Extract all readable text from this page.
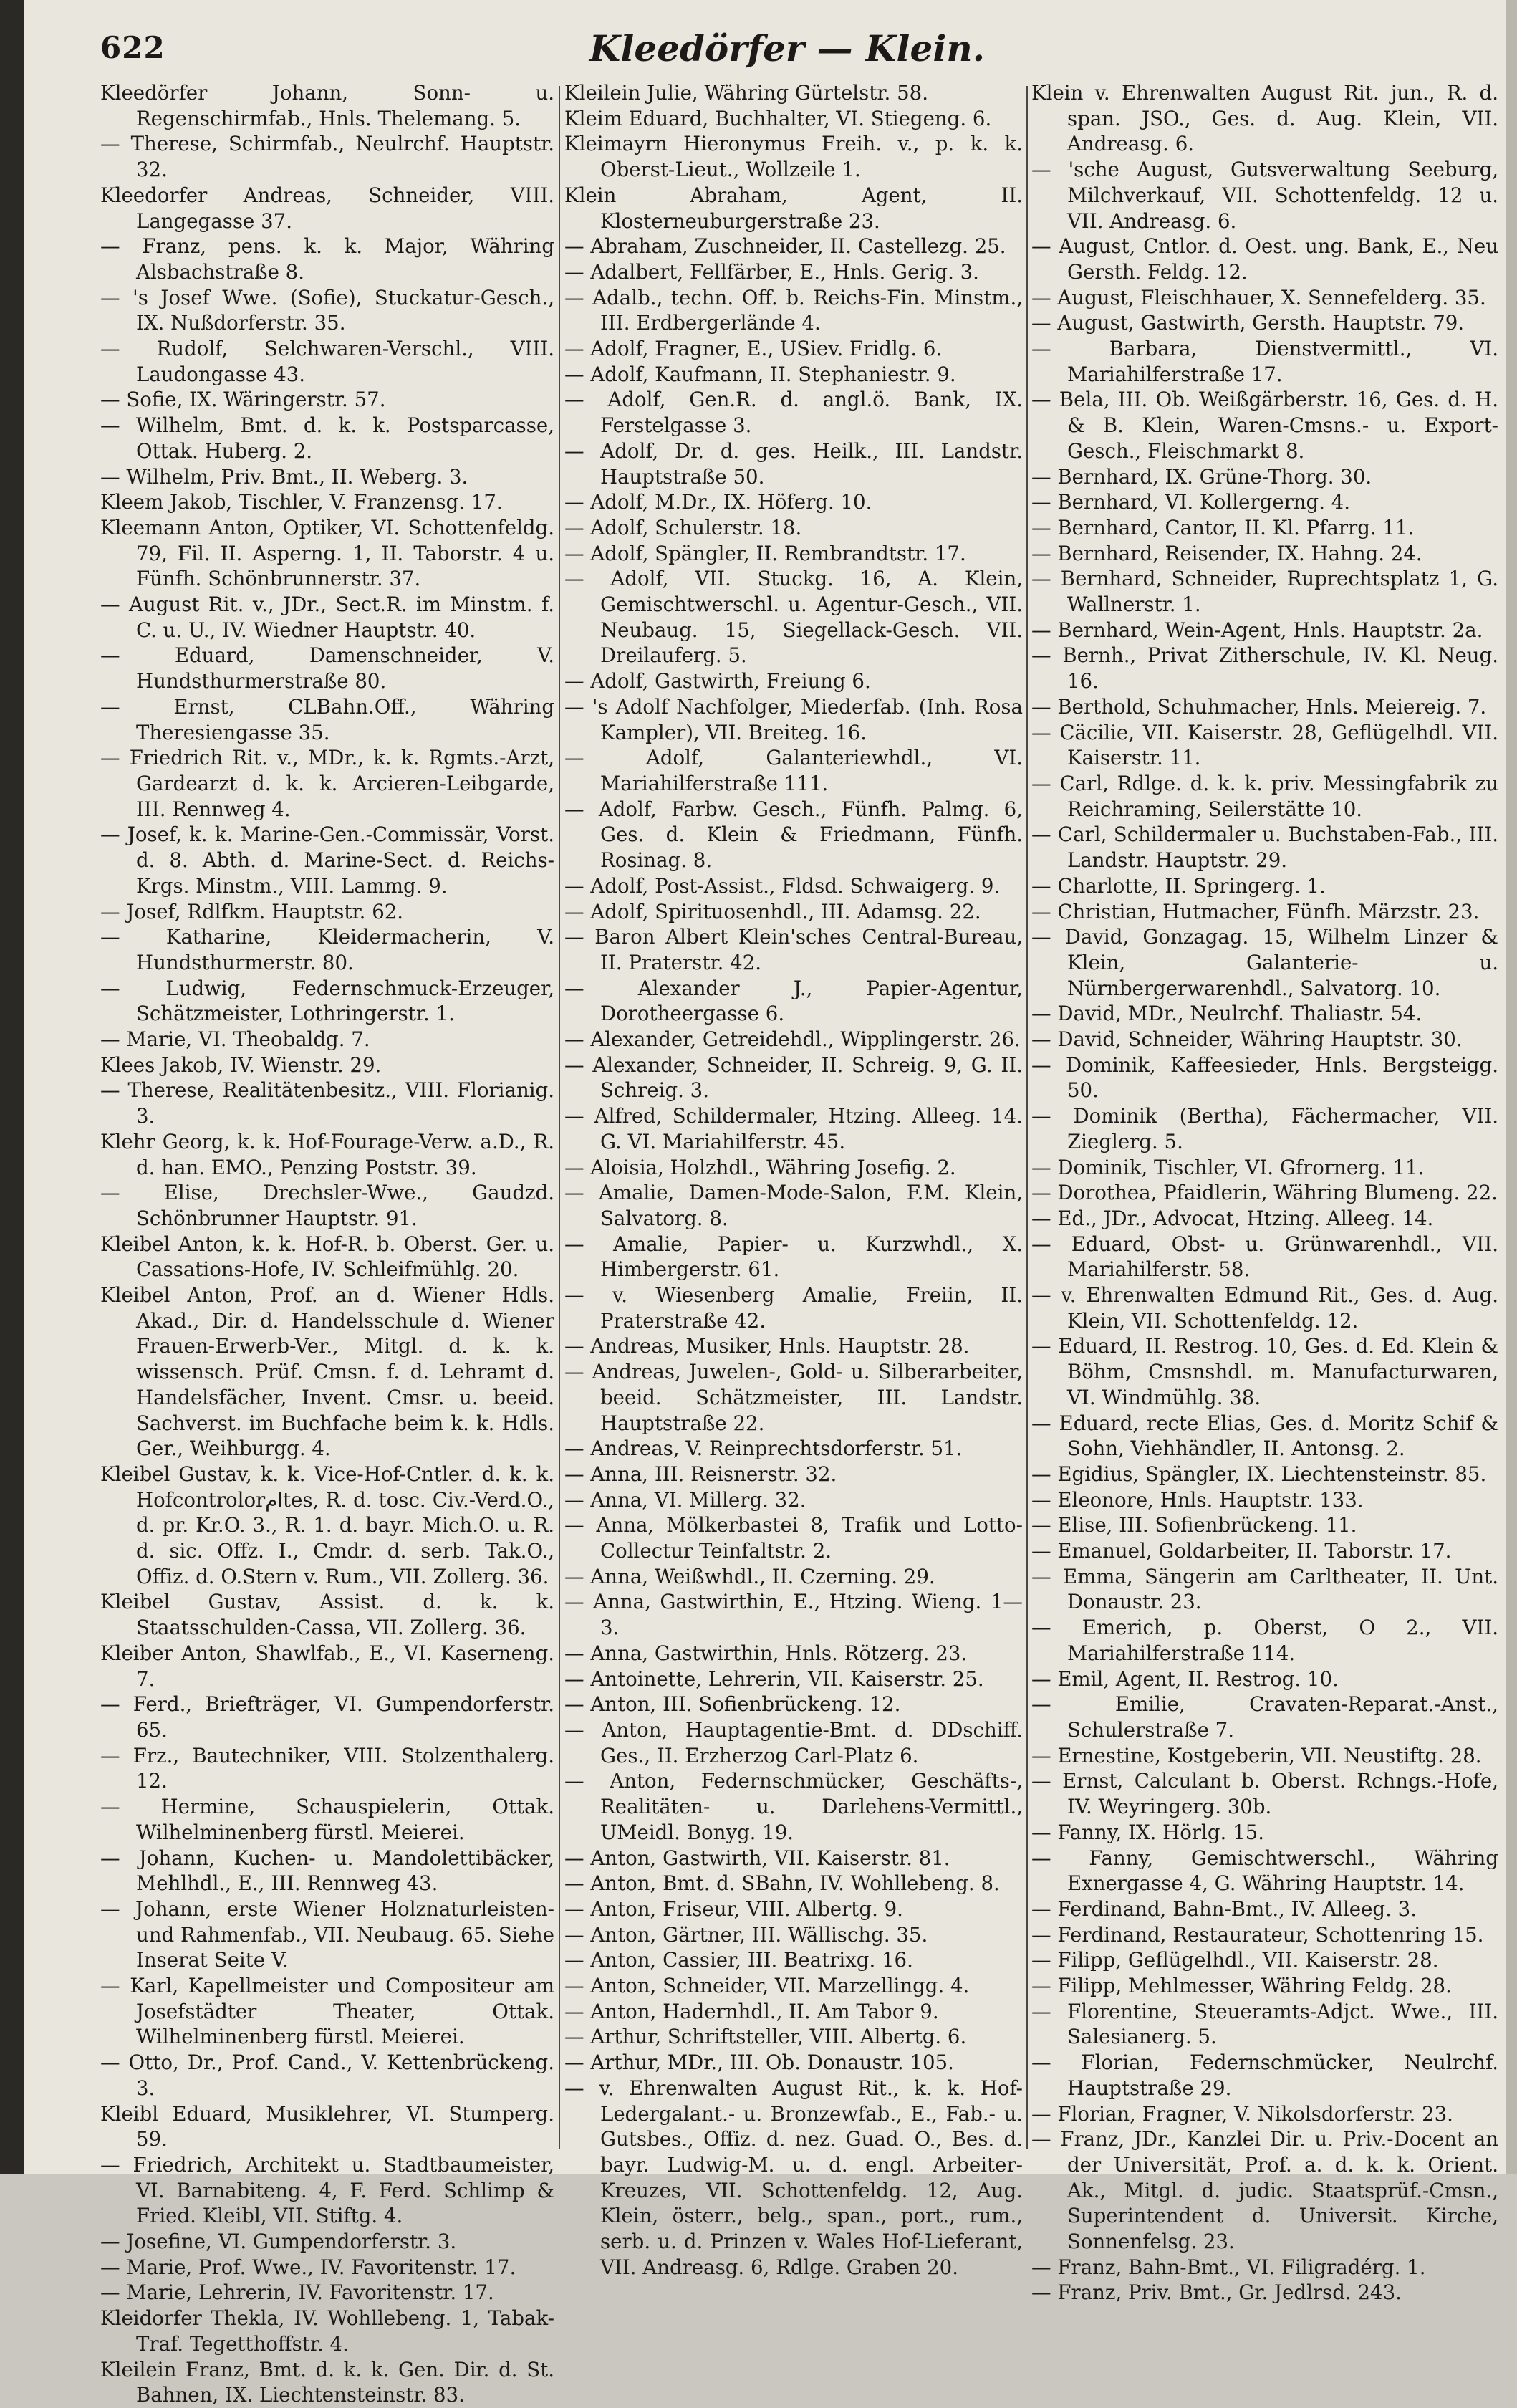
622	Kleedörfer — Klein.

Kleedörfer Johann, Sonn- u. Regenschirmfab., Hnls. Thelemang. 5.

— Therese, Schirmfab., Neulrchf. Hauptstr. 32.

Kleedorfer Andreas, Schneider, VIII. Langegasse 37.

— Franz, pens. k. k. Major, Währing Alsbachstraße 8.

— 's Josef Wwe. (Sofie), Stuckatur-Gesch., IX. Nußdorferstr. 35.

— Rudolf, Selchwaren-Verschl., VIII. Laudongasse 43.

— Sofie, IX. Wäringerstr. 57.

— Wilhelm, Bmt. d. k. k. Postsparcasse, Ottak. Huberg. 2.

— Wilhelm, Priv. Bmt., II. Weberg. 3.

Kleem Jakob, Tischler, V. Franzensg. 17.

Kleemann Anton, Optiker, VI. Schottenfeldg. 79, Fil. II. Asperng. 1, II. Taborstr. 4 u. Fünfh. Schönbrunnerstr. 37.

— August Rit. v., JDr., Sect.R. im Minstm. f. C. u. U., IV. Wiedner Hauptstr. 40.

— Eduard, Damenschneider, V. Hundsthurmerstraße 80.

— Ernst, CLBahn.Off., Währing Theresiengasse 35.

— Friedrich Rit. v., MDr., k. k. Rgmts.-Arzt, Gardearzt d. k. k. Arcieren-Leibgarde, III. Rennweg 4.

— Josef, k. k. Marine-Gen.-Commissär, Vorst. d. 8. Abth. d. Marine-Sect. d. Reichs-Krgs. Minstm., VIII. Lammg. 9.

— Josef, Rdlfkm. Hauptstr. 62.

— Katharine, Kleidermacherin, V. Hundsthurmerstr. 80.

— Ludwig, Federnschmuck-Erzeuger, Schätzmeister, Lothringerstr. 1.

— Marie, VI. Theobaldg. 7.

Klees Jakob, IV. Wienstr. 29.

— Therese, Realitätenbesitz., VIII. Florianig. 3.

Klehr Georg, k. k. Hof-Fourage-Verw. a.D., R. d. han. EMO., Penzing Poststr. 39.

— Elise, Drechsler-Wwe., Gaudzd. Schönbrunner Hauptstr. 91.

Kleibel Anton, k. k. Hof-R. b. Oberst. Ger. u. Cassations-Hofe, IV. Schleifmühlg. 20.

Kleibel Anton, Prof. an d. Wiener Hdls. Akad., Dir. d. Handelsschule d. Wiener Frauen-Erwerb-Ver., Mitgl. d. k. k. wissensch. Prüf. Cmsn. f. d. Lehramt d. Handelsfächer, Invent. Cmsr. u. beeid. Sachverst. im Buchfache beim k. k. Hdls. Ger., Weihburgg. 4.

Kleibel Gustav, k. k. Vice-Hof-Cntler. d. k. k. Hofcontrolorامtes, R. d. tosc. Civ.-Verd.O., d. pr. Kr.O. 3., R. 1. d. bayr. Mich.O. u. R. d. sic. Offz. I., Cmdr. d. serb. Tak.O., Offiz. d. O.Stern v. Rum., VII. Zollerg. 36.

Kleibel Gustav, Assist. d. k. k. Staatsschulden-Cassa, VII. Zollerg. 36.

Kleiber Anton, Shawlfab., E., VI. Kaserneng. 7.

— Ferd., Briefträger, VI. Gumpendorferstr. 65.

— Frz., Bautechniker, VIII. Stolzenthalerg. 12.

— Hermine, Schauspielerin, Ottak. Wilhelminenberg fürstl. Meierei.

— Johann, Kuchen- u. Mandolettibäcker, Mehlhdl., E., III. Rennweg 43.

— Johann, erste Wiener Holznaturleisten- und Rahmenfab., VII. Neubaug. 65. Siehe Inserat Seite V.

— Karl, Kapellmeister und Compositeur am Josefstädter Theater, Ottak. Wilhelminenberg fürstl. Meierei.

— Otto, Dr., Prof. Cand., V. Kettenbrückeng. 3.

Kleibl Eduard, Musiklehrer, VI. Stumperg. 59.

— Friedrich, Architekt u. Stadtbaumeister, VI. Barnabiteng. 4, F. Ferd. Schlimp & Fried. Kleibl, VII. Stiftg. 4.

— Josefine, VI. Gumpendorferstr. 3.

— Marie, Prof. Wwe., IV. Favoritenstr. 17.

— Marie, Lehrerin, IV. Favoritenstr. 17.

Kleidorfer Thekla, IV. Wohllebeng. 1, Tabak-Traf. Tegetthoffstr. 4.

Kleilein Franz, Bmt. d. k. k. Gen. Dir. d. St. Bahnen, IX. Liechtensteinstr. 83.

Kleilein Julie, Währing Gürtelstr. 58.

Kleim Eduard, Buchhalter, VI. Stiegeng. 6.

Kleimayrn Hieronymus Freih. v., p. k. k. Oberst-Lieut., Wollzeile 1.

Klein Abraham, Agent, II. Klosterneuburgerstraße 23.

— Abraham, Zuschneider, II. Castellezg. 25.

— Adalbert, Fellfärber, E., Hnls. Gerig. 3.

— Adalb., techn. Off. b. Reichs-Fin. Minstm., III. Erdbergerlände 4.

— Adolf, Fragner, E., USiev. Fridlg. 6.

— Adolf, Kaufmann, II. Stephaniestr. 9.

— Adolf, Gen.R. d. angl.ö. Bank, IX. Ferstelgasse 3.

— Adolf, Dr. d. ges. Heilk., III. Landstr. Hauptstraße 50.

— Adolf, M.Dr., IX. Höferg. 10.

— Adolf, Schulerstr. 18.

— Adolf, Spängler, II. Rembrandtstr. 17.

— Adolf, VII. Stuckg. 16, A. Klein, Gemischtwerschl. u. Agentur-Gesch., VII. Neubaug. 15, Siegellack-Gesch. VII. Dreilauferg. 5.

— Adolf, Gastwirth, Freiung 6.

— 's Adolf Nachfolger, Miederfab. (Inh. Rosa Kampler), VII. Breiteg. 16.

— Adolf, Galanteriewhdl., VI. Mariahilferstraße 111.

— Adolf, Farbw. Gesch., Fünfh. Palmg. 6, Ges. d. Klein & Friedmann, Fünfh. Rosinag. 8.

— Adolf, Post-Assist., Fldsd. Schwaigerg. 9.

— Adolf, Spirituosenhdl., III. Adamsg. 22.

— Baron Albert Klein'sches Central-Bureau, II. Praterstr. 42.

— Alexander J., Papier-Agentur, Dorotheergasse 6.

— Alexander, Getreidehdl., Wipplingerstr. 26.

— Alexander, Schneider, II. Schreig. 9, G. II. Schreig. 3.

— Alfred, Schildermaler, Htzing. Alleeg. 14. G. VI. Mariahilferstr. 45.

— Aloisia, Holzhdl., Währing Josefig. 2.

— Amalie, Damen-Mode-Salon, F.M. Klein, Salvatorg. 8.

— Amalie, Papier- u. Kurzwhdl., X. Himbergerstr. 61.

— v. Wiesenberg Amalie, Freiin, II. Praterstraße 42.

— Andreas, Musiker, Hnls. Hauptstr. 28.

— Andreas, Juwelen-, Gold- u. Silberarbeiter, beeid. Schätzmeister, III. Landstr. Hauptstraße 22.

— Andreas, V. Reinprechtsdorferstr. 51.

— Anna, III. Reisnerstr. 32.

— Anna, VI. Millerg. 32.

— Anna, Mölkerbastei 8, Trafik und Lotto-Collectur Teinfaltstr. 2.

— Anna, Weißwhdl., II. Czerning. 29.

— Anna, Gastwirthin, E., Htzing. Wieng. 1—3.

— Anna, Gastwirthin, Hnls. Rötzerg. 23.

— Antoinette, Lehrerin, VII. Kaiserstr. 25.

— Anton, III. Sofienbrückeng. 12.

— Anton, Hauptagentie-Bmt. d. DDschiff. Ges., II. Erzherzog Carl-Platz 6.

— Anton, Federnschmücker, Geschäfts-, Realitäten- u. Darlehens-Vermittl., UMeidl. Bonyg. 19.

— Anton, Gastwirth, VII. Kaiserstr. 81.

— Anton, Bmt. d. SBahn, IV. Wohllebeng. 8.

— Anton, Friseur, VIII. Albertg. 9.

— Anton, Gärtner, III. Wällischg. 35.

— Anton, Cassier, III. Beatrixg. 16.

— Anton, Schneider, VII. Marzellingg. 4.

— Anton, Hadernhdl., II. Am Tabor 9.

— Arthur, Schriftsteller, VIII. Albertg. 6.

— Arthur, MDr., III. Ob. Donaustr. 105.

— v. Ehrenwalten August Rit., k. k. Hof-Ledergalant.- u. Bronzewfab., E., Fab.- u. Gutsbes., Offiz. d. nez. Guad. O., Bes. d. bayr. Ludwig-M. u. d. engl. Arbeiter-Kreuzes, VII. Schottenfeldg. 12, Aug. Klein, österr., belg., span., port., rum., serb. u. d. Prinzen v. Wales Hof-Lieferant, VII. Andreasg. 6, Rdlge. Graben 20.

Klein v. Ehrenwalten August Rit. jun., R. d. span. JSO., Ges. d. Aug. Klein, VII. Andreasg. 6.

— 'sche August, Gutsverwaltung Seeburg, Milchverkauf, VII. Schottenfeldg. 12 u. VII. Andreasg. 6.

— August, Cntlor. d. Oest. ung. Bank, E., Neu Gersth. Feldg. 12.

— August, Fleischhauer, X. Sennefelderg. 35.

— August, Gastwirth, Gersth. Hauptstr. 79.

— Barbara, Dienstvermittl., VI. Mariahilferstraße 17.

— Bela, III. Ob. Weißgärberstr. 16, Ges. d. H. & B. Klein, Waren-Cmsns.- u. Export-Gesch., Fleischmarkt 8.

— Bernhard, IX. Grüne-Thorg. 30.

— Bernhard, VI. Kollergerng. 4.

— Bernhard, Cantor, II. Kl. Pfarrg. 11.

— Bernhard, Reisender, IX. Hahng. 24.

— Bernhard, Schneider, Ruprechtsplatz 1, G. Wallnerstr. 1.

— Bernhard, Wein-Agent, Hnls. Hauptstr. 2a.

— Bernh., Privat Zitherschule, IV. Kl. Neug. 16.

— Berthold, Schuhmacher, Hnls. Meiereig. 7.

— Cäcilie, VII. Kaiserstr. 28, Geflügelhdl. VII. Kaiserstr. 11.

— Carl, Rdlge. d. k. k. priv. Messingfabrik zu Reichraming, Seilerstätte 10.

— Carl, Schildermaler u. Buchstaben-Fab., III. Landstr. Hauptstr. 29.

— Charlotte, II. Springerg. 1.

— Christian, Hutmacher, Fünfh. Märzstr. 23.

— David, Gonzagag. 15, Wilhelm Linzer & Klein, Galanterie- u. Nürnbergerwarenhdl., Salvatorg. 10.

— David, MDr., Neulrchf. Thaliastr. 54.

— David, Schneider, Währing Hauptstr. 30.

— Dominik, Kaffeesieder, Hnls. Bergsteigg. 50.

— Dominik (Bertha), Fächermacher, VII. Zieglerg. 5.

— Dominik, Tischler, VI. Gfrornerg. 11.

— Dorothea, Pfaidlerin, Währing Blumeng. 22.

— Ed., JDr., Advocat, Htzing. Alleeg. 14.

— Eduard, Obst- u. Grünwarenhdl., VII. Mariahilferstr. 58.

— v. Ehrenwalten Edmund Rit., Ges. d. Aug. Klein, VII. Schottenfeldg. 12.

— Eduard, II. Restrog. 10, Ges. d. Ed. Klein & Böhm, Cmsnshdl. m. Manufacturwaren, VI. Windmühlg. 38.

— Eduard, recte Elias, Ges. d. Moritz Schif & Sohn, Viehhändler, II. Antonsg. 2.

— Egidius, Spängler, IX. Liechtensteinstr. 85.

— Eleonore, Hnls. Hauptstr. 133.

— Elise, III. Sofienbrückeng. 11.

— Emanuel, Goldarbeiter, II. Taborstr. 17.

— Emma, Sängerin am Carltheater, II. Unt. Donaustr. 23.

— Emerich, p. Oberst, O 2., VII. Mariahilferstraße 114.

— Emil, Agent, II. Restrog. 10.

— Emilie, Cravaten-Reparat.-Anst., Schulerstraße 7.

— Ernestine, Kostgeberin, VII. Neustiftg. 28.

— Ernst, Calculant b. Oberst. Rchngs.-Hofe, IV. Weyringerg. 30b.

— Fanny, IX. Hörlg. 15.

— Fanny, Gemischtwerschl., Währing Exnergasse 4, G. Währing Hauptstr. 14.

— Ferdinand, Bahn-Bmt., IV. Alleeg. 3.

— Ferdinand, Restaurateur, Schottenring 15.

— Filipp, Geflügelhdl., VII. Kaiserstr. 28.

— Filipp, Mehlmesser, Währing Feldg. 28.

— Florentine, Steueramts-Adjct. Wwe., III. Salesianerg. 5.

— Florian, Federnschmücker, Neulrchf. Hauptstraße 29.

— Florian, Fragner, V. Nikolsdorferstr. 23.

— Franz, JDr., Kanzlei Dir. u. Priv.-Docent an der Universität, Prof. a. d. k. k. Orient. Ak., Mitgl. d. judic. Staatsprüf.-Cmsn., Superintendent d. Universit. Kirche, Sonnenfelsg. 23.

— Franz, Bahn-Bmt., VI. Filigradérg. 1.

— Franz, Priv. Bmt., Gr. Jedlrsd. 243.
